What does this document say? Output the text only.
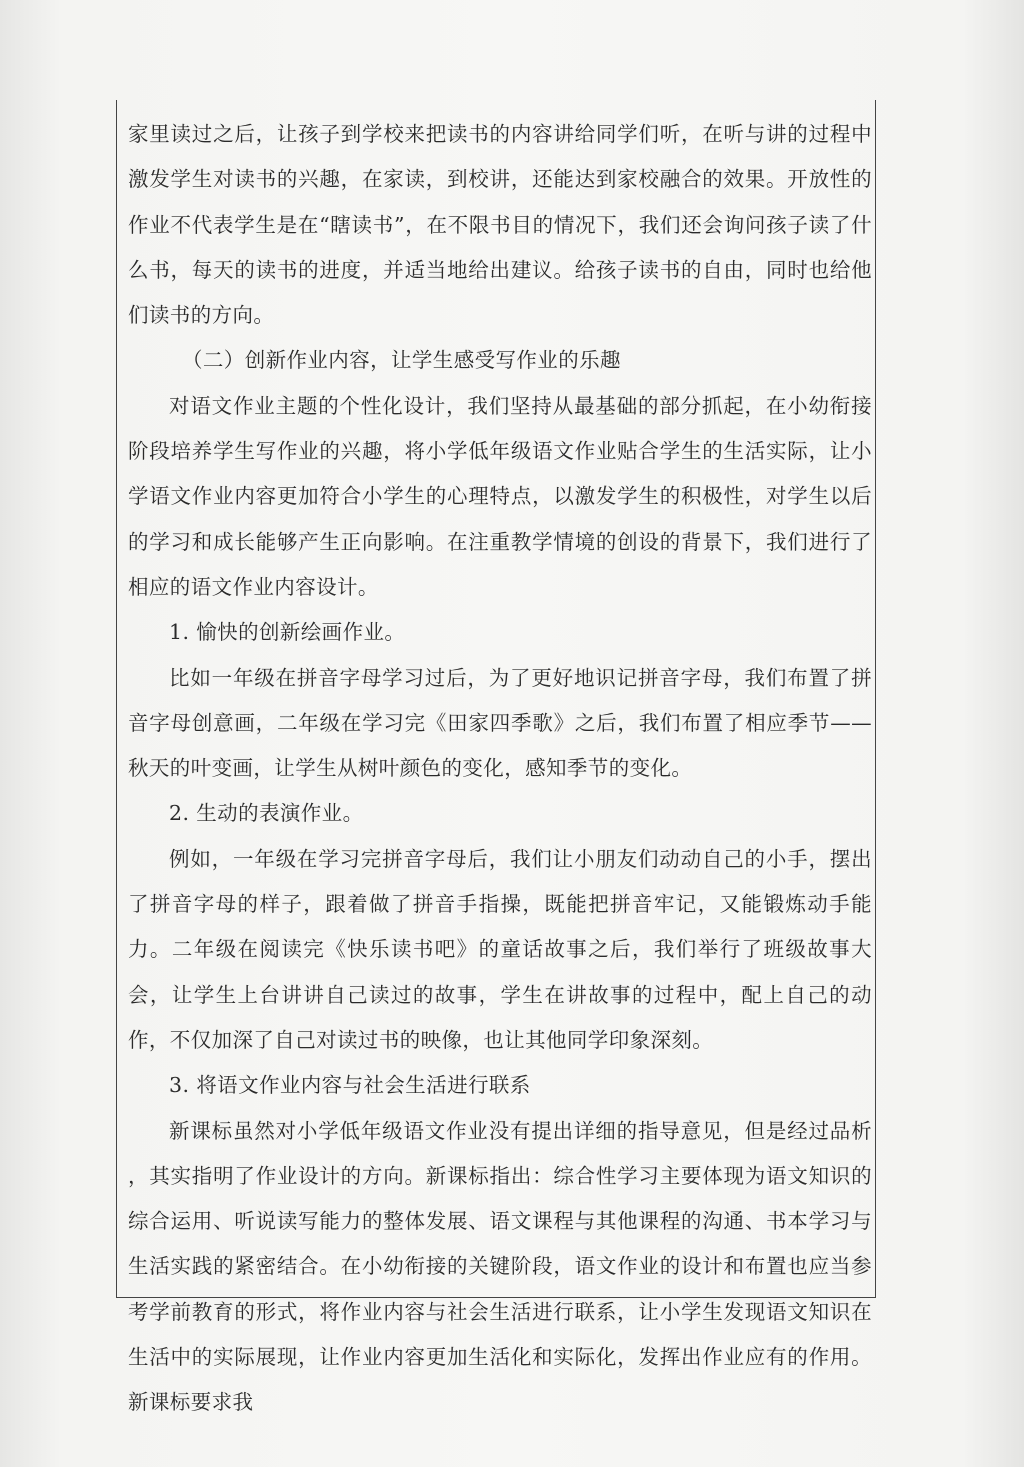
家里读过之后，让孩子到学校来把读书的内容讲给同学们听，在听与讲的过程中激发学生对读书的兴趣，在家读，到校讲，还能达到家校融合的效果。开放性的作业不代表学生是在“瞎读书”，在不限书目的情况下，我们还会询问孩子读了什么书，每天的读书的进度，并适当地给出建议。给孩子读书的自由，同时也给他们读书的方向。

（二）创新作业内容，让学生感受写作业的乐趣

对语文作业主题的个性化设计，我们坚持从最基础的部分抓起，在小幼衔接阶段培养学生写作业的兴趣，将小学低年级语文作业贴合学生的生活实际，让小学语文作业内容更加符合小学生的心理特点，以激发学生的积极性，对学生以后的学习和成长能够产生正向影响。在注重教学情境的创设的背景下，我们进行了相应的语文作业内容设计。

1. 愉快的创新绘画作业。

比如一年级在拼音字母学习过后，为了更好地识记拼音字母，我们布置了拼音字母创意画，二年级在学习完《田家四季歌》之后，我们布置了相应季节——秋天的叶变画，让学生从树叶颜色的变化，感知季节的变化。

2. 生动的表演作业。

例如，一年级在学习完拼音字母后，我们让小朋友们动动自己的小手，摆出了拼音字母的样子，跟着做了拼音手指操，既能把拼音牢记，又能锻炼动手能力。二年级在阅读完《快乐读书吧》的童话故事之后，我们举行了班级故事大会，让学生上台讲讲自己读过的故事，学生在讲故事的过程中，配上自己的动作，不仅加深了自己对读过书的映像，也让其他同学印象深刻。

3. 将语文作业内容与社会生活进行联系

新课标虽然对小学低年级语文作业没有提出详细的指导意见，但是经过品析 ，其实指明了作业设计的方向。新课标指出：综合性学习主要体现为语文知识的综合运用、听说读写能力的整体发展、语文课程与其他课程的沟通、书本学习与生活实践的紧密结合。在小幼衔接的关键阶段，语文作业的设计和布置也应当参考学前教育的形式，将作业内容与社会生活进行联系，让小学生发现语文知识在生活中的实际展现，让作业内容更加生活化和实际化，发挥出作业应有的作用。新课标要求我
